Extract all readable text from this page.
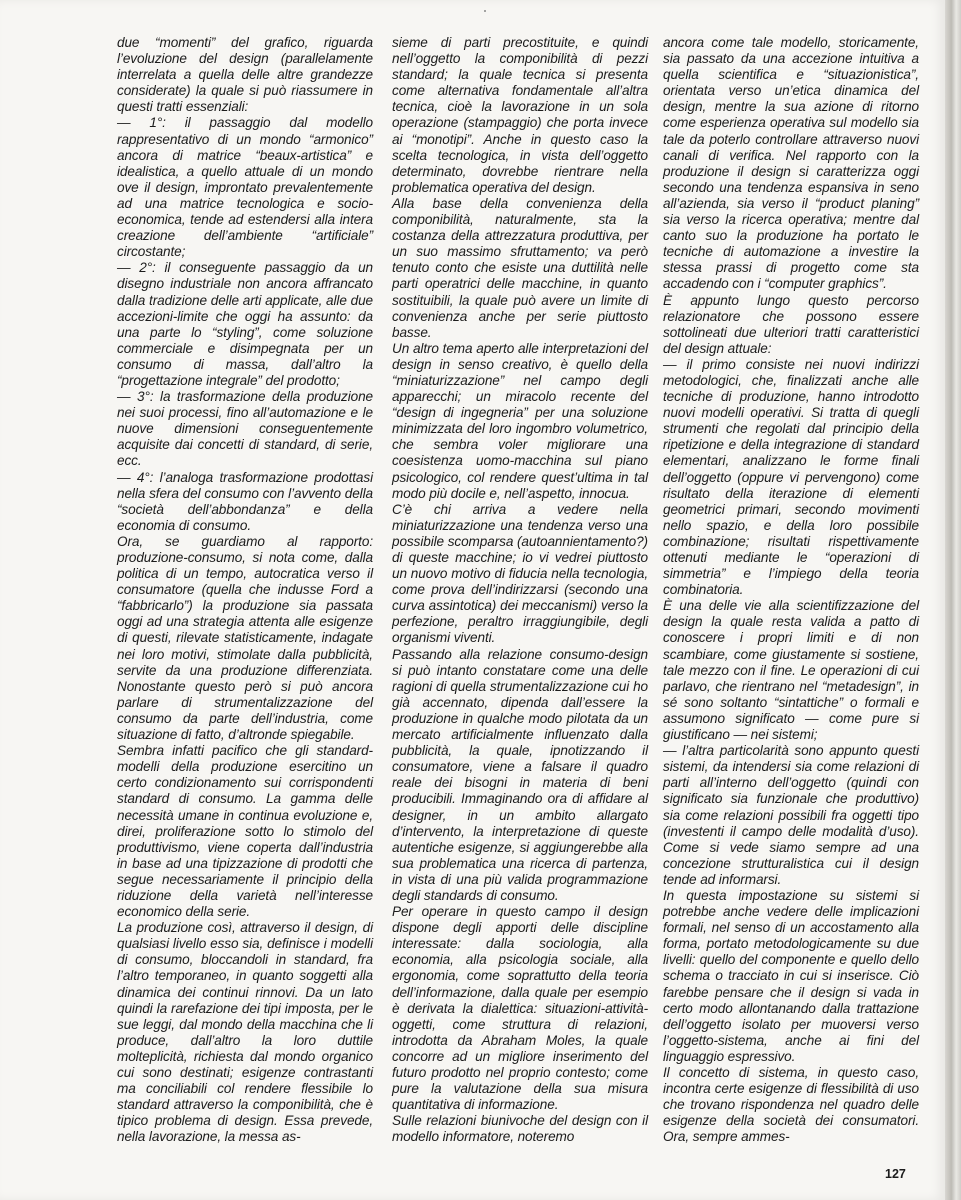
due “momenti” del grafico, riguarda l’evoluzione del design (parallelamente interrelata a quella delle altre grandezze considerate) la quale si può riassumere in questi tratti essenziali:

— 1°: il passaggio dal modello rappresentativo di un mondo “armonico” ancora di matrice “beaux-artistica” e idealistica, a quello attuale di un mondo ove il design, improntato prevalentemente ad una matrice tecnologica e socio-economica, tende ad estendersi alla intera creazione dell’ambiente “artificiale” circostante;

— 2°: il conseguente passaggio da un disegno industriale non ancora affrancato dalla tradizione delle arti applicate, alle due accezioni-limite che oggi ha assunto: da una parte lo “styling”, come soluzione commerciale e disimpegnata per un consumo di massa, dall’altro la “progettazione integrale” del prodotto;

— 3°: la trasformazione della produzione nei suoi processi, fino all’automazione e le nuove dimensioni conseguentemente acquisite dai concetti di standard, di serie, ecc.

— 4°: l’analoga trasformazione prodottasi nella sfera del consumo con l’avvento della “società dell’abbondanza” e della economia di consumo.

Ora, se guardiamo al rapporto: produzione-consumo, si nota come, dalla politica di un tempo, autocratica verso il consumatore (quella che indusse Ford a “fabbricarlo”) la produzione sia passata oggi ad una strategia attenta alle esigenze di questi, rilevate statisticamente, indagate nei loro motivi, stimolate dalla pubblicità, servite da una produzione differenziata. Nonostante questo però si può ancora parlare di strumentalizzazione del consumo da parte dell’industria, come situazione di fatto, d’altronde spiegabile.

Sembra infatti pacifico che gli standard-modelli della produzione esercitino un certo condizionamento sui corrispondenti standard di consumo. La gamma delle necessità umane in continua evoluzione e, direi, proliferazione sotto lo stimolo del produttivismo, viene coperta dall’industria in base ad una tipizzazione di prodotti che segue necessariamente il principio della riduzione della varietà nell’interesse economico della serie.

La produzione così, attraverso il design, di qualsiasi livello esso sia, definisce i modelli di consumo, bloccandoli in standard, fra l’altro temporaneo, in quanto soggetti alla dinamica dei continui rinnovi. Da un lato quindi la rarefazione dei tipi imposta, per le sue leggi, dal mondo della macchina che li produce, dall’altro la loro duttile molteplicità, richiesta dal mondo organico cui sono destinati; esigenze contrastanti ma conciliabili col rendere flessibile lo standard attraverso la componibilità, che è tipico problema di design. Essa prevede, nella lavorazione, la messa as-

sieme di parti precostituite, e quindi nell’oggetto la componibilità di pezzi standard; la quale tecnica si presenta come alternativa fondamentale all’altra tecnica, cioè la lavorazione in un sola operazione (stampaggio) che porta invece ai “monotipi”. Anche in questo caso la scelta tecnologica, in vista dell’oggetto determinato, dovrebbe rientrare nella problematica operativa del design.

Alla base della convenienza della componibilità, naturalmente, sta la costanza della attrezzatura produttiva, per un suo massimo sfruttamento; va però tenuto conto che esiste una duttilità nelle parti operatrici delle macchine, in quanto sostituibili, la quale può avere un limite di convenienza anche per serie piuttosto basse.

Un altro tema aperto alle interpretazioni del design in senso creativo, è quello della “miniaturizzazione” nel campo degli apparecchi; un miracolo recente del “design di ingegneria” per una soluzione minimizzata del loro ingombro volumetrico, che sembra voler migliorare una coesistenza uomo-macchina sul piano psicologico, col rendere quest’ultima in tal modo più docile e, nell’aspetto, innocua.

C’è chi arriva a vedere nella miniaturizzazione una tendenza verso una possibile scomparsa (autoannientamento?) di queste macchine; io vi vedrei piuttosto un nuovo motivo di fiducia nella tecnologia, come prova dell’indirizzarsi (secondo una curva assintotica) dei meccanismi) verso la perfezione, peraltro irraggiungibile, degli organismi viventi.

Passando alla relazione consumo-design si può intanto constatare come una delle ragioni di quella strumentalizzazione cui ho già accennato, dipenda dall’essere la produzione in qualche modo pilotata da un mercato artificialmente influenzato dalla pubblicità, la quale, ipnotizzando il consumatore, viene a falsare il quadro reale dei bisogni in materia di beni producibili. Immaginando ora di affidare al designer, in un ambito allargato d’intervento, la interpretazione di queste autentiche esigenze, si aggiungerebbe alla sua problematica una ricerca di partenza, in vista di una più valida programmazione degli standards di consumo.

Per operare in questo campo il design dispone degli apporti delle discipline interessate: dalla sociologia, alla economia, alla psicologia sociale, alla ergonomia, come soprattutto della teoria dell’informazione, dalla quale per esempio è derivata la dialettica: situazioni-attività-oggetti, come struttura di relazioni, introdotta da Abraham Moles, la quale concorre ad un migliore inserimento del futuro prodotto nel proprio contesto; come pure la valutazione della sua misura quantitativa di informazione.

Sulle relazioni biunivoche del design con il modello informatore, noteremo

ancora come tale modello, storicamente, sia passato da una accezione intuitiva a quella scientifica e “situazionistica”, orientata verso un’etica dinamica del design, mentre la sua azione di ritorno come esperienza operativa sul modello sia tale da poterlo controllare attraverso nuovi canali di verifica. Nel rapporto con la produzione il design si caratterizza oggi secondo una tendenza espansiva in seno all’azienda, sia verso il “product planing” sia verso la ricerca operativa; mentre dal canto suo la produzione ha portato le tecniche di automazione a investire la stessa prassi di progetto come sta accadendo con i “computer graphics”.

È appunto lungo questo percorso relazionatore che possono essere sottolineati due ulteriori tratti caratteristici del design attuale:

— il primo consiste nei nuovi indirizzi metodologici, che, finalizzati anche alle tecniche di produzione, hanno introdotto nuovi modelli operativi. Si tratta di quegli strumenti che regolati dal principio della ripetizione e della integrazione di standard elementari, analizzano le forme finali dell’oggetto (oppure vi pervengono) come risultato della iterazione di elementi geometrici primari, secondo movimenti nello spazio, e della loro possibile combinazione; risultati rispettivamente ottenuti mediante le “operazioni di simmetria” e l’impiego della teoria combinatoria.

È una delle vie alla scientifizzazione del design la quale resta valida a patto di conoscere i propri limiti e di non scambiare, come giustamente si sostiene, tale mezzo con il fine. Le operazioni di cui parlavo, che rientrano nel “metadesign”, in sé sono soltanto “sintattiche” o formali e assumono significato — come pure si giustificano — nei sistemi;

— l’altra particolarità sono appunto questi sistemi, da intendersi sia come relazioni di parti all’interno dell’oggetto (quindi con significato sia funzionale che produttivo) sia come relazioni possibili fra oggetti tipo (investenti il campo delle modalità d’uso). Come si vede siamo sempre ad una concezione strutturalistica cui il design tende ad informarsi.

In questa impostazione su sistemi si potrebbe anche vedere delle implicazioni formali, nel senso di un accostamento alla forma, portato metodologicamente su due livelli: quello del componente e quello dello schema o tracciato in cui si inserisce. Ciò farebbe pensare che il design si vada in certo modo allontanando dalla trattazione dell’oggetto isolato per muoversi verso l’oggetto-sistema, anche ai fini del linguaggio espressivo.

Il concetto di sistema, in questo caso, incontra certe esigenze di flessibilità di uso che trovano rispondenza nel quadro delle esigenze della società dei consumatori. Ora, sempre ammes-

127
